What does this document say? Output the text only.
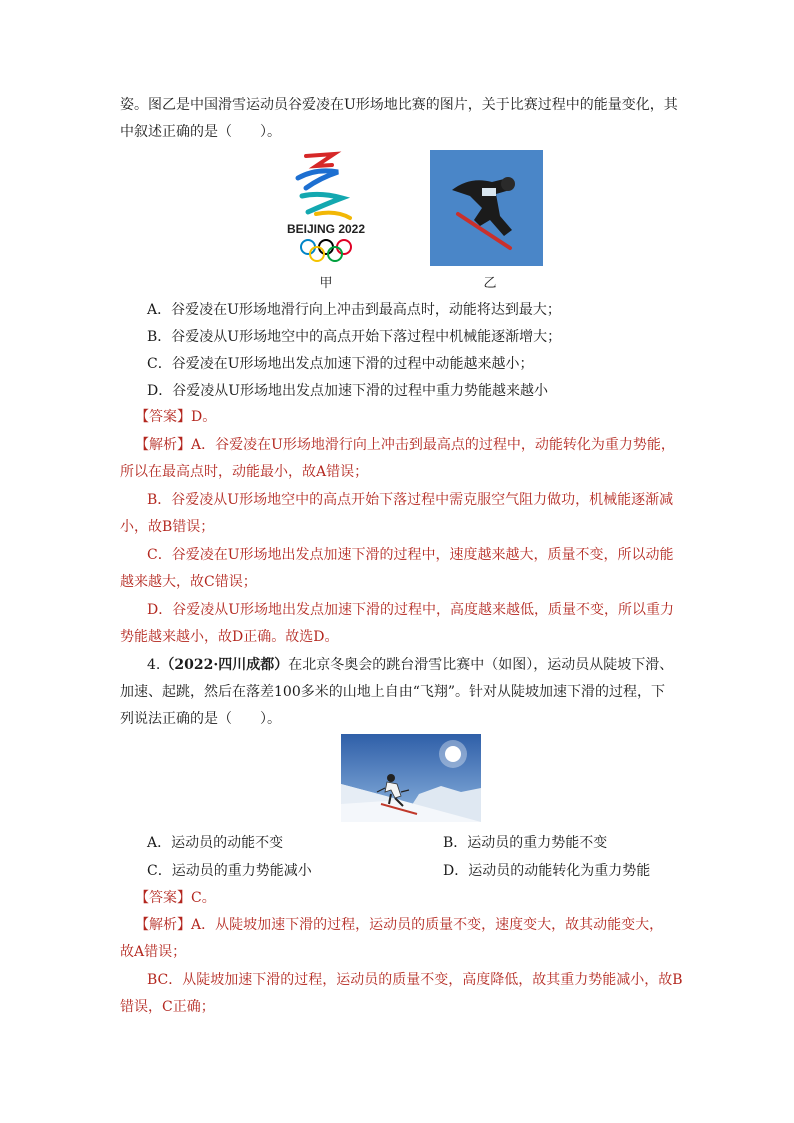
姿。图乙是中国滑雪运动员谷爱凌在U形场地比赛的图片，关于比赛过程中的能量变化，其
中叙述正确的是（　　）。
BEIJING 2022
甲	乙
A．谷爱凌在U形场地滑行向上冲击到最高点时，动能将达到最大；
B．谷爱凌从U形场地空中的高点开始下落过程中机械能逐渐增大；
C．谷爱凌在U形场地出发点加速下滑的过程中动能越来越小；
D．谷爱凌从U形场地出发点加速下滑的过程中重力势能越来越小
【答案】D。
【解析】A．谷爱凌在U形场地滑行向上冲击到最高点的过程中，动能转化为重力势能，
所以在最高点时，动能最小，故A错误；
B．谷爱凌从U形场地空中的高点开始下落过程中需克服空气阻力做功，机械能逐渐减
小，故B错误；
C．谷爱凌在U形场地出发点加速下滑的过程中，速度越来越大，质量不变，所以动能
越来越大，故C错误；
D．谷爱凌从U形场地出发点加速下滑的过程中，高度越来越低，质量不变，所以重力
势能越来越小，故D正确。故选D。
4.（2022·四川成都）在北京冬奥会的跳台滑雪比赛中（如图），运动员从陡坡下滑、
加速、起跳，然后在落差100多米的山地上自由“飞翔”。针对从陡坡加速下滑的过程，下
列说法正确的是（　　）。
A．运动员的动能不变	B．运动员的重力势能不变
C．运动员的重力势能减小	D．运动员的动能转化为重力势能
【答案】C。
【解析】A．从陡坡加速下滑的过程，运动员的质量不变，速度变大，故其动能变大，
故A错误；
BC．从陡坡加速下滑的过程，运动员的质量不变，高度降低，故其重力势能减小，故B
错误，C正确；
